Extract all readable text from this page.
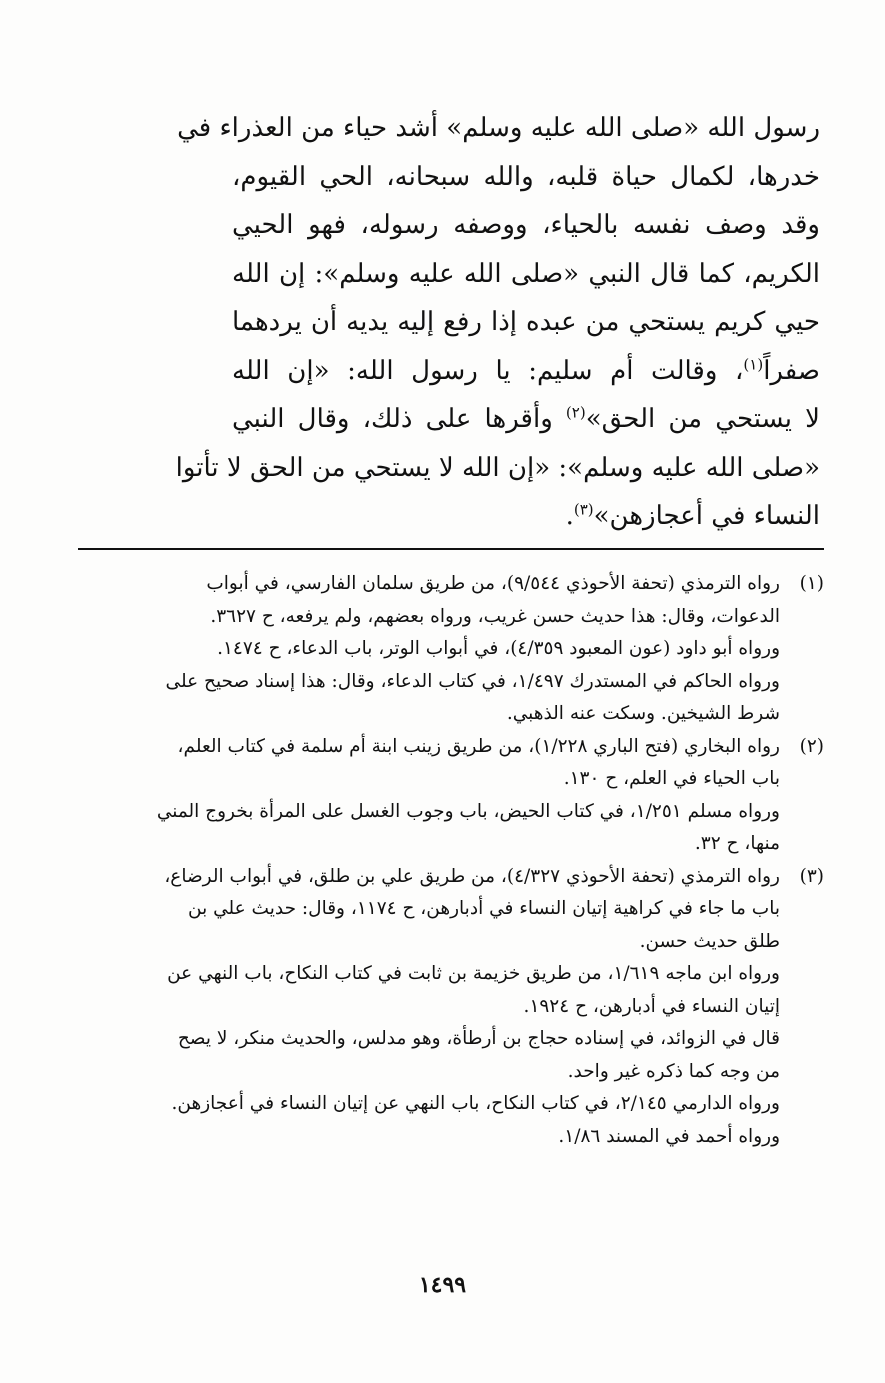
رسول الله «صلى الله عليه وسلم» أشد حياء من العذراء في
خدرها، لكمال حياة قلبه، والله سبحانه، الحي القيوم،
وقد وصف نفسه بالحياء، ووصفه رسوله، فهو الحيي
الكريم، كما قال النبي «صلى الله عليه وسلم»: إن الله
حيي كريم يستحي من عبده إذا رفع إليه يديه أن يردهما
صفراً$^{(١)}$، وقالت أم سليم: يا رسول الله: «إن الله
لا يستحي من الحق»$^{(٢)}$ وأقرها على ذلك، وقال النبي
«صلى الله عليه وسلم»: «إن الله لا يستحي من الحق لا تأتوا
النساء في أعجازهن»$^{(٣)}$.
(١)
رواه الترمذي (تحفة الأحوذي ٩/٥٤٤)، من طريق سلمان الفارسي، في أبواب
الدعوات، وقال: هذا حديث حسن غريب، ورواه بعضهم، ولم يرفعه، ح ٣٦٢٧.
ورواه أبو داود (عون المعبود ٤/٣٥٩)، في أبواب الوتر، باب الدعاء، ح ١٤٧٤.
ورواه الحاكم في المستدرك ١/٤٩٧، في كتاب الدعاء، وقال: هذا إسناد صحيح على
شرط الشيخين. وسكت عنه الذهبي.
(٢)
رواه البخاري (فتح الباري ١/٢٢٨)، من طريق زينب ابنة أم سلمة في كتاب العلم،
باب الحياء في العلم، ح ١٣٠.
ورواه مسلم ١/٢٥١، في كتاب الحيض، باب وجوب الغسل على المرأة بخروج المني
منها، ح ٣٢.
(٣)
رواه الترمذي (تحفة الأحوذي ٤/٣٢٧)، من طريق علي بن طلق، في أبواب الرضاع،
باب ما جاء في كراهية إتيان النساء في أدبارهن، ح ١١٧٤، وقال: حديث علي بن
طلق حديث حسن.
ورواه ابن ماجه ١/٦١٩، من طريق خزيمة بن ثابت في كتاب النكاح، باب النهي عن
إتيان النساء في أدبارهن، ح ١٩٢٤.
قال في الزوائد، في إسناده حجاج بن أرطأة، وهو مدلس، والحديث منكر، لا يصح
من وجه كما ذكره غير واحد.
ورواه الدارمي ٢/١٤٥، في كتاب النكاح، باب النهي عن إتيان النساء في أعجازهن.
ورواه أحمد في المسند ١/٨٦.
١٤٩٩
